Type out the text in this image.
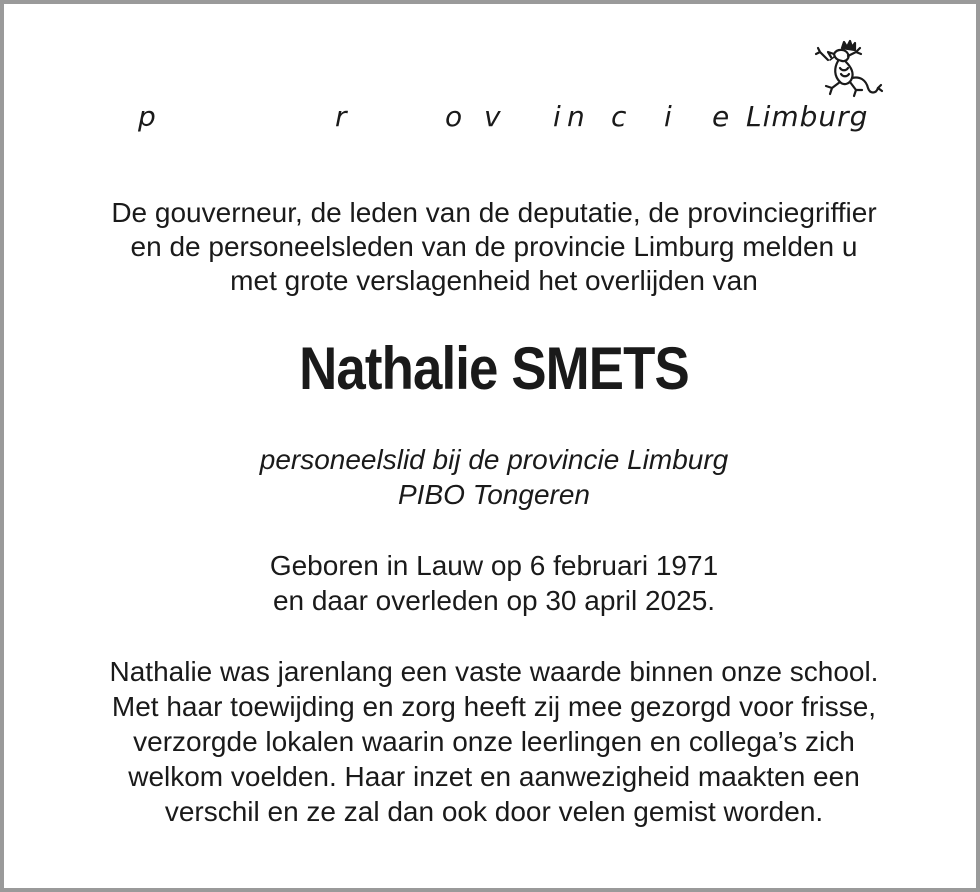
p	r	o v i n c i e Limburg
De gouverneur, de leden van de deputatie, de provinciegriffier
en de personeelsleden van de provincie Limburg melden u
met grote verslagenheid het overlijden van
Nathalie SMETS
personeelslid bij de provincie Limburg
PIBO Tongeren
Geboren in Lauw op 6 februari 1971
en daar overleden op 30 april 2025.
Nathalie was jarenlang een vaste waarde binnen onze school.
Met haar toewijding en zorg heeft zij mee gezorgd voor frisse,
verzorgde lokalen waarin onze leerlingen en collega’s zich
welkom voelden. Haar inzet en aanwezigheid maakten een
verschil en ze zal dan ook door velen gemist worden.
